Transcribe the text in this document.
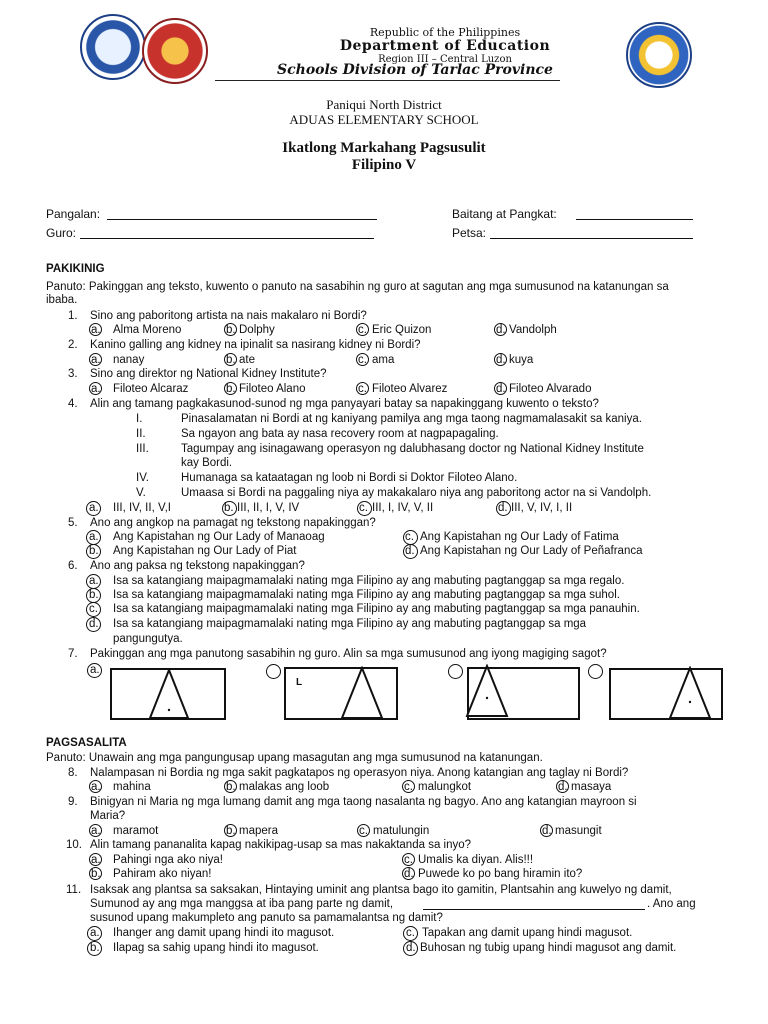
Republic of the Philippines
Department of Education
Region III – Central Luzon
Schools Division of Tarlac Province
Paniqui North District
ADUAS ELEMENTARY SCHOOL
Ikatlong Markahang Pagsusulit
Filipino V
Pangalan:	Baitang at Pangkat:
Guro:	Petsa:
PAKIKINIG
Panuto: Pakinggan ang teksto, kuwento o panuto na sasabihin ng guro at sagutan ang mga sumusunod na katanungan sa
ibaba.
1. Sino ang paboritong artista na nais makalaro ni Bordi?
a. Alma Moreno	b. Dolphy	c. Eric Quizon	d. Vandolph
2. Kanino galling ang kidney na ipinalit sa nasirang kidney ni Bordi?
a. nanay	b. ate	c. ama	d. kuya
3. Sino ang direktor ng National Kidney Institute?
a. Filoteo Alcaraz	b. Filoteo Alano	c. Filoteo Alvarez	d. Filoteo Alvarado
4. Alin ang tamang pagkakasunod-sunod ng mga panyayari batay sa napakinggang kuwento o teksto?
I.	Pinasalamatan ni Bordi at ng kaniyang pamilya ang mga taong nagmamalasakit sa kaniya.
II.	Sa ngayon ang bata ay nasa recovery room at nagpapagaling.
III.	Tagumpay ang isinagawang operasyon ng dalubhasang doctor ng National Kidney Institute
kay Bordi.
IV.	Humanaga sa kataatagan ng loob ni Bordi si Doktor Filoteo Alano.
V.	Umaasa si Bordi na paggaling niya ay makakalaro niya ang paboritong actor na si Vandolph.
a. III, IV, II, V,I	b. III, II, I, V, IV	c. III, I, IV, V, II	d. III, V, IV, I, II
5. Ano ang angkop na pamagat ng tekstong napakinggan?
a. Ang Kapistahan ng Our Lady of Manaoag	c. Ang Kapistahan ng Our Lady of Fatima
b. Ang Kapistahan ng Our Lady of Piat	d. Ang Kapistahan ng Our Lady of Peñafranca
6. Ano ang paksa ng tekstong napakinggan?
a. Isa sa katangiang maipagmamalaki nating mga Filipino ay ang mabuting pagtanggap sa mga regalo.
b. Isa sa katangiang maipagmamalaki nating mga Filipino ay ang mabuting pagtanggap sa mga suhol.
c. Isa sa katangiang maipagmamalaki nating mga Filipino ay ang mabuting pagtanggap sa mga panauhin.
d. Isa sa katangiang maipagmamalaki nating mga Filipino ay ang mabuting pagtanggap sa mga
pangungutya.
7. Pakinggan ang mga panutong sasabihin ng guro. Alin sa mga sumusunod ang iyong magiging sagot?
a.
L
PAGSASALITA
Panuto: Unawain ang mga pangungusap upang masagutan ang mga sumusunod na katanungan.
8. Nalampasan ni Bordia ng mga sakit pagkatapos ng operasyon niya. Anong katangian ang taglay ni Bordi?
a. mahina	b. malakas ang loob	c. malungkot	d. masaya
9. Binigyan ni Maria ng mga lumang damit ang mga taong nasalanta ng bagyo. Ano ang katangian mayroon si
Maria?
a. maramot	b. mapera	c. matulungin	d. masungit
10. Alin tamang pananalita kapag nakikipag-usap sa mas nakaktanda sa inyo?
a. Pahingi nga ako niya!	c. Umalis ka diyan. Alis!!!
b. Pahiram ako niyan!	d. Puwede ko po bang hiramin ito?
11. Isaksak ang plantsa sa saksakan, Hintaying uminit ang plantsa bago ito gamitin, Plantsahin ang kuwelyo ng damit,
Sumunod ay ang mga manggsa at iba pang parte ng damit,	. Ano ang
susunod upang makumpleto ang panuto sa pamamalantsa ng damit?
a. Ihanger ang damit upang hindi ito magusot.	c. Tapakan ang damit upang hindi magusot.
b. Ilapag sa sahig upang hindi ito magusot.	d. Buhosan ng tubig upang hindi magusot ang damit.
